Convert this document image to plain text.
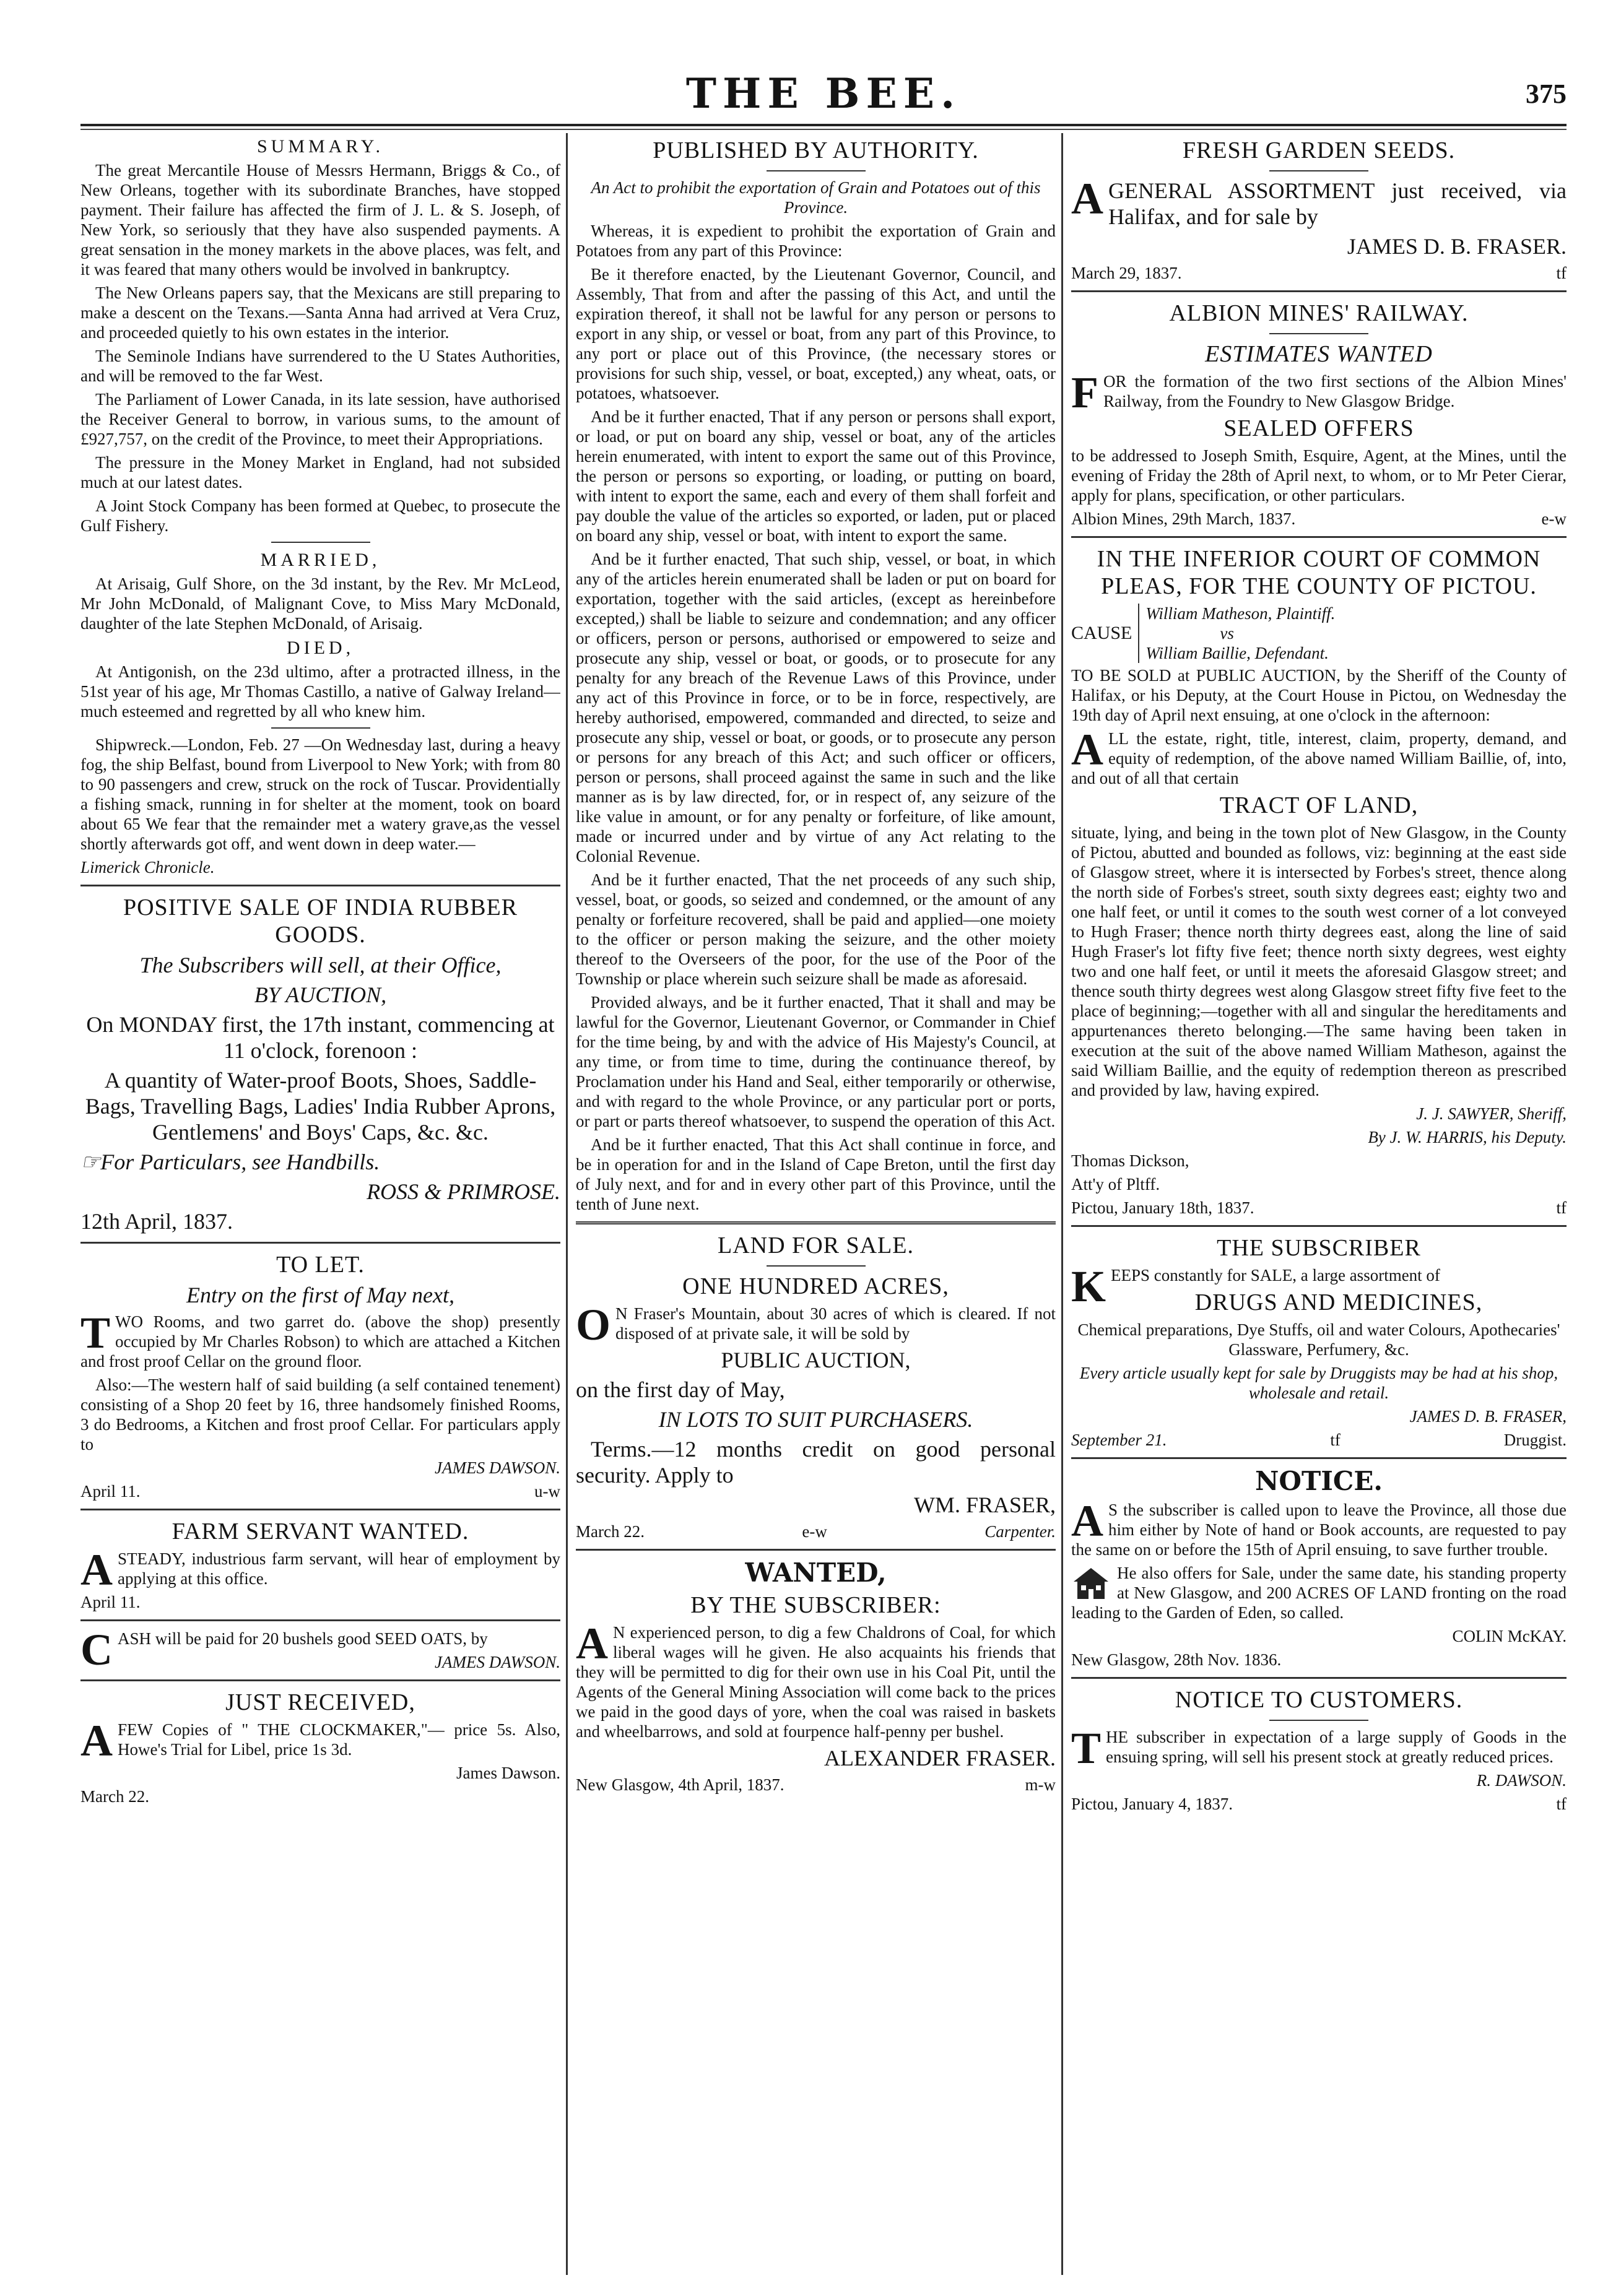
THE BEE.	375
SUMMARY.

The great Mercantile House of Messrs Hermann, Briggs & Co., of New Orleans, together with its subordinate Branches, have stopped payment. Their failure has affected the firm of J. L. & S. Joseph, of New York, so seriously that they have also suspended payments. A great sensation in the money markets in the above places, was felt, and it was feared that many others would be involved in bankruptcy.

The New Orleans papers say, that the Mexicans are still preparing to make a descent on the Texans.—Santa Anna had arrived at Vera Cruz, and proceeded quietly to his own estates in the interior.

The Seminole Indians have surrendered to the U States Authorities, and will be removed to the far West.

The Parliament of Lower Canada, in its late session, have authorised the Receiver General to borrow, in various sums, to the amount of £927,757, on the credit of the Province, to meet their Appropriations.

The pressure in the Money Market in England, had not subsided much at our latest dates.

A Joint Stock Company has been formed at Quebec, to prosecute the Gulf Fishery.

MARRIED,

At Arisaig, Gulf Shore, on the 3d instant, by the Rev. Mr McLeod, Mr John McDonald, of Malignant Cove, to Miss Mary McDonald, daughter of the late Stephen McDonald, of Arisaig.

DIED,

At Antigonish, on the 23d ultimo, after a protracted illness, in the 51st year of his age, Mr Thomas Castillo, a native of Galway Ireland—much esteemed and regretted by all who knew him.

Shipwreck.—London, Feb. 27 —On Wednesday last, during a heavy fog, the ship Belfast, bound from Liverpool to New York; with from 80 to 90 passengers and crew, struck on the rock of Tuscar. Providentially a fishing smack, running in for shelter at the moment, took on board about 65 We fear that the remainder met a watery grave,as the vessel shortly afterwards got off, and went down in deep water.—

Limerick Chronicle.

POSITIVE SALE OF INDIA RUBBER GOODS.

The Subscribers will sell, at their Office,

BY AUCTION,

On MONDAY first, the 17th instant, commencing at 11 o'clock, forenoon :

A quantity of Water-proof Boots, Shoes, Saddle-Bags, Travelling Bags, Ladies' India Rubber Aprons, Gentlemens' and Boys' Caps, &c. &c.

☞For Particulars, see Handbills.

ROSS & PRIMROSE.

12th April, 1837.

TO LET.

Entry on the first of May next,

TWO Rooms, and two garret do. (above the shop) presently occupied by Mr Charles Robson) to which are attached a Kitchen and frost proof Cellar on the ground floor.

Also:—The western half of said building (a self contained tenement) consisting of a Shop 20 feet by 16, three handsomely finished Rooms, 3 do Bedrooms, a Kitchen and frost proof Cellar. For particulars apply to

JAMES DAWSON.

April 11.	u-w
FARM SERVANT WANTED.

ASTEADY, industrious farm servant, will hear of employment by applying at this office.

April 11.

CASH will be paid for 20 bushels good SEED OATS, by

JAMES DAWSON.

JUST RECEIVED,

AFEW Copies of " THE CLOCKMAKER,"— price 5s. Also, Howe's Trial for Libel, price 1s 3d.

James Dawson.

March 22.

PUBLISHED BY AUTHORITY.

An Act to prohibit the exportation of Grain and Potatoes out of this Province.

Whereas, it is expedient to prohibit the exportation of Grain and Potatoes from any part of this Province:

Be it therefore enacted, by the Lieutenant Governor, Council, and Assembly, That from and after the passing of this Act, and until the expiration thereof, it shall not be lawful for any person or persons to export in any ship, or vessel or boat, from any part of this Province, to any port or place out of this Province, (the necessary stores or provisions for such ship, vessel, or boat, excepted,) any wheat, oats, or potatoes, whatsoever.

And be it further enacted, That if any person or persons shall export, or load, or put on board any ship, vessel or boat, any of the articles herein enumerated, with intent to export the same out of this Province, the person or persons so exporting, or loading, or putting on board, with intent to export the same, each and every of them shall forfeit and pay double the value of the articles so exported, or laden, put or placed on board any ship, vessel or boat, with intent to export the same.

And be it further enacted, That such ship, vessel, or boat, in which any of the articles herein enumerated shall be laden or put on board for exportation, together with the said articles, (except as hereinbefore excepted,) shall be liable to seizure and condemnation; and any officer or officers, person or persons, authorised or empowered to seize and prosecute any ship, vessel or boat, or goods, or to prosecute for any penalty for any breach of the Revenue Laws of this Province, under any act of this Province in force, or to be in force, respectively, are hereby authorised, empowered, commanded and directed, to seize and prosecute any ship, vessel or boat, or goods, or to prosecute any person or persons for any breach of this Act; and such officer or officers, person or persons, shall proceed against the same in such and the like manner as is by law directed, for, or in respect of, any seizure of the like value in amount, or for any penalty or forfeiture, of like amount, made or incurred under and by virtue of any Act relating to the Colonial Revenue.

And be it further enacted, That the net proceeds of any such ship, vessel, boat, or goods, so seized and condemned, or the amount of any penalty or forfeiture recovered, shall be paid and applied—one moiety to the officer or person making the seizure, and the other moiety thereof to the Overseers of the poor, for the use of the Poor of the Township or place wherein such seizure shall be made as aforesaid.

Provided always, and be it further enacted, That it shall and may be lawful for the Governor, Lieutenant Governor, or Commander in Chief for the time being, by and with the advice of His Majesty's Council, at any time, or from time to time, during the continuance thereof, by Proclamation under his Hand and Seal, either temporarily or otherwise, and with regard to the whole Province, or any particular port or ports, or part or parts thereof whatsoever, to suspend the operation of this Act.

And be it further enacted, That this Act shall continue in force, and be in operation for and in the Island of Cape Breton, until the first day of July next, and for and in every other part of this Province, until the tenth of June next.

LAND FOR SALE.
ONE HUNDRED ACRES,

ON Fraser's Mountain, about 30 acres of which is cleared. If not disposed of at private sale, it will be sold by

PUBLIC AUCTION,

on the first day of May,

IN LOTS TO SUIT PURCHASERS.

Terms.—12 months credit on good personal security. Apply to

WM. FRASER,

March 22.	e-w	Carpenter.
WANTED,
BY THE SUBSCRIBER:

AN experienced person, to dig a few Chaldrons of Coal, for which liberal wages will he given. He also acquaints his friends that they will be permitted to dig for their own use in his Coal Pit, until the Agents of the General Mining Association will come back to the prices we paid in the good days of yore, when the coal was raised in baskets and wheelbarrows, and sold at fourpence half-penny per bushel.

ALEXANDER FRASER.

New Glasgow, 4th April, 1837.	m-w
FRESH GARDEN SEEDS.

AGENERAL ASSORTMENT just received, via Halifax, and for sale by

JAMES D. B. FRASER.

March 29, 1837.	tf
ALBION MINES' RAILWAY.
ESTIMATES WANTED

FOR the formation of the two first sections of the Albion Mines' Railway, from the Foundry to New Glasgow Bridge.

SEALED OFFERS

to be addressed to Joseph Smith, Esquire, Agent, at the Mines, until the evening of Friday the 28th of April next, to whom, or to Mr Peter Cierar, apply for plans, specification, or other particulars.

Albion Mines, 29th March, 1837.	e-w
IN THE INFERIOR COURT OF COMMON PLEAS, FOR THE COUNTY OF PICTOU.
CAUSE
William Matheson, Plaintiff.
vs
William Baillie, Defendant.

TO BE SOLD at PUBLIC AUCTION, by the Sheriff of the County of Halifax, or his Deputy, at the Court House in Pictou, on Wednesday the 19th day of April next ensuing, at one o'clock in the afternoon:

ALL the estate, right, title, interest, claim, property, demand, and equity of redemption, of the above named William Baillie, of, into, and out of all that certain

TRACT OF LAND,

situate, lying, and being in the town plot of New Glasgow, in the County of Pictou, abutted and bounded as follows, viz: beginning at the east side of Glasgow street, where it is intersected by Forbes's street, thence along the north side of Forbes's street, south sixty degrees east; eighty two and one half feet, or until it comes to the south west corner of a lot conveyed to Hugh Fraser; thence north thirty degrees east, along the line of said Hugh Fraser's lot fifty five feet; thence north sixty degrees, west eighty two and one half feet, or until it meets the aforesaid Glasgow street; and thence south thirty degrees west along Glasgow street fifty five feet to the place of beginning;—together with all and singular the hereditaments and appurtenances thereto belonging.—The same having been taken in execution at the suit of the above named William Matheson, against the said William Baillie, and the equity of redemption thereon as prescribed and provided by law, having expired.

J. J. SAWYER, Sheriff,

By J. W. HARRIS, his Deputy.

Thomas Dickson,

Att'y of Pltff.

Pictou, January 18th, 1837.	tf
THE SUBSCRIBER

KEEPS constantly for SALE, a large assortment of

DRUGS AND MEDICINES,

Chemical preparations, Dye Stuffs, oil and water Colours, Apothecaries' Glassware, Perfumery, &c.

Every article usually kept for sale by Druggists may be had at his shop, wholesale and retail.

JAMES D. B. FRASER,

September 21.	tf	Druggist.
NOTICE.

AS the subscriber is called upon to leave the Province, all those due him either by Note of hand or Book accounts, are requested to pay the same on or before the 15th of April ensuing, to save further trouble.

He also offers for Sale, under the same date, his standing property at New Glasgow, and 200 ACRES OF LAND fronting on the road leading to the Garden of Eden, so called.

COLIN McKAY.

New Glasgow, 28th Nov. 1836.

NOTICE TO CUSTOMERS.

THE subscriber in expectation of a large supply of Goods in the ensuing spring, will sell his present stock at greatly reduced prices.

R. DAWSON.

Pictou, January 4, 1837.	tf
